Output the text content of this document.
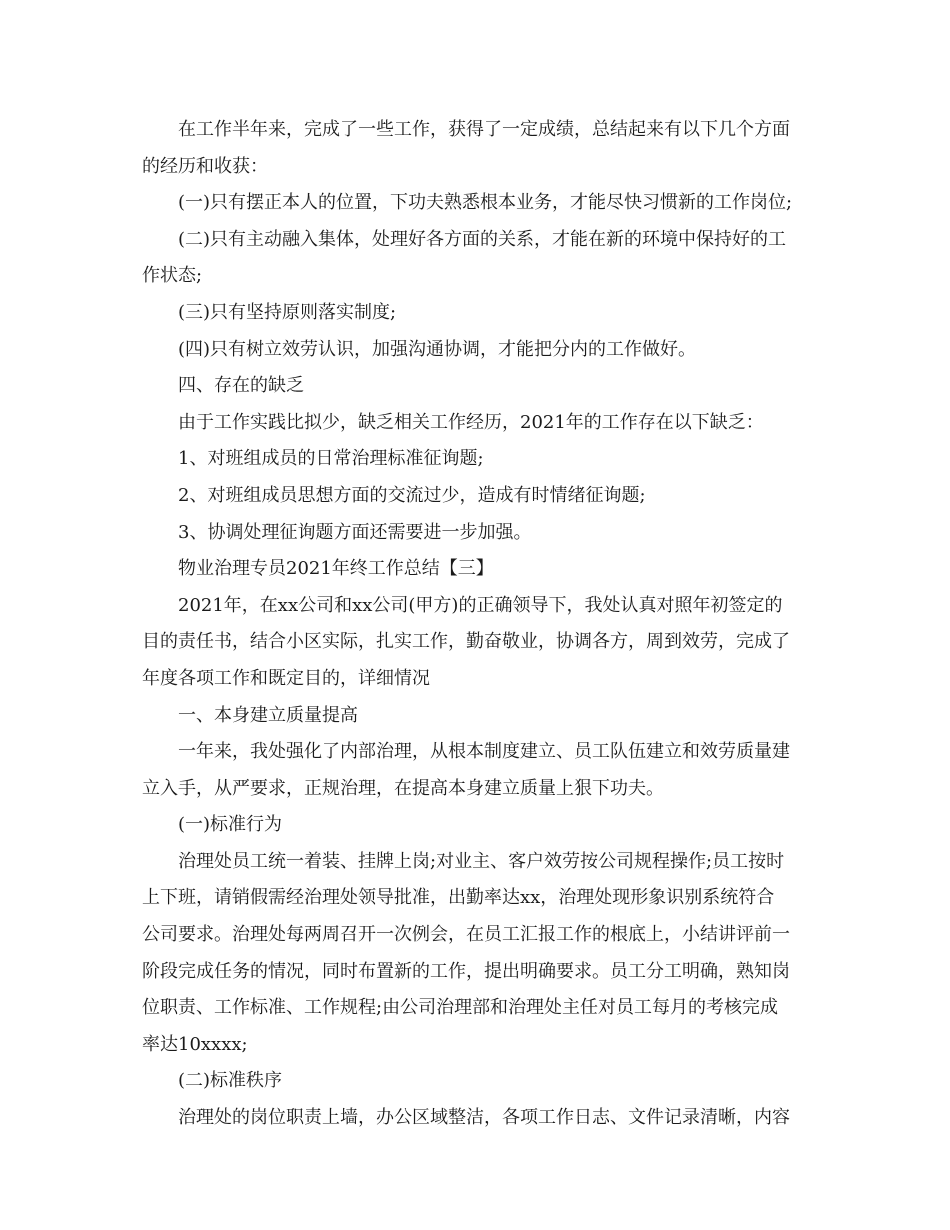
在工作半年来，完成了一些工作，获得了一定成绩，总结起来有以下几个方面
的经历和收获：
(一)只有摆正本人的位置，下功夫熟悉根本业务，才能尽快习惯新的工作岗位;
(二)只有主动融入集体，处理好各方面的关系，才能在新的环境中保持好的工
作状态;
(三)只有坚持原则落实制度;
(四)只有树立效劳认识，加强沟通协调，才能把分内的工作做好。
四、存在的缺乏
由于工作实践比拟少，缺乏相关工作经历，2021年的工作存在以下缺乏：
1、对班组成员的日常治理标准征询题;
2、对班组成员思想方面的交流过少，造成有时情绪征询题;
3、协调处理征询题方面还需要进一步加强。
物业治理专员2021年终工作总结【三】
2021年，在xx公司和xx公司(甲方)的正确领导下，我处认真对照年初签定的
目的责任书，结合小区实际，扎实工作，勤奋敬业，协调各方，周到效劳，完成了
年度各项工作和既定目的，详细情况
一、本身建立质量提高
一年来，我处强化了内部治理，从根本制度建立、员工队伍建立和效劳质量建
立入手，从严要求，正规治理，在提高本身建立质量上狠下功夫。
(一)标准行为
治理处员工统一着装、挂牌上岗;对业主、客户效劳按公司规程操作;员工按时
上下班，请销假需经治理处领导批准，出勤率达xx，治理处现形象识别系统符合
公司要求。治理处每两周召开一次例会，在员工汇报工作的根底上，小结讲评前一
阶段完成任务的情况，同时布置新的工作，提出明确要求。员工分工明确，熟知岗
位职责、工作标准、工作规程;由公司治理部和治理处主任对员工每月的考核完成
率达10xxxx;
(二)标准秩序
治理处的岗位职责上墙，办公区域整洁，各项工作日志、文件记录清晰，内容
